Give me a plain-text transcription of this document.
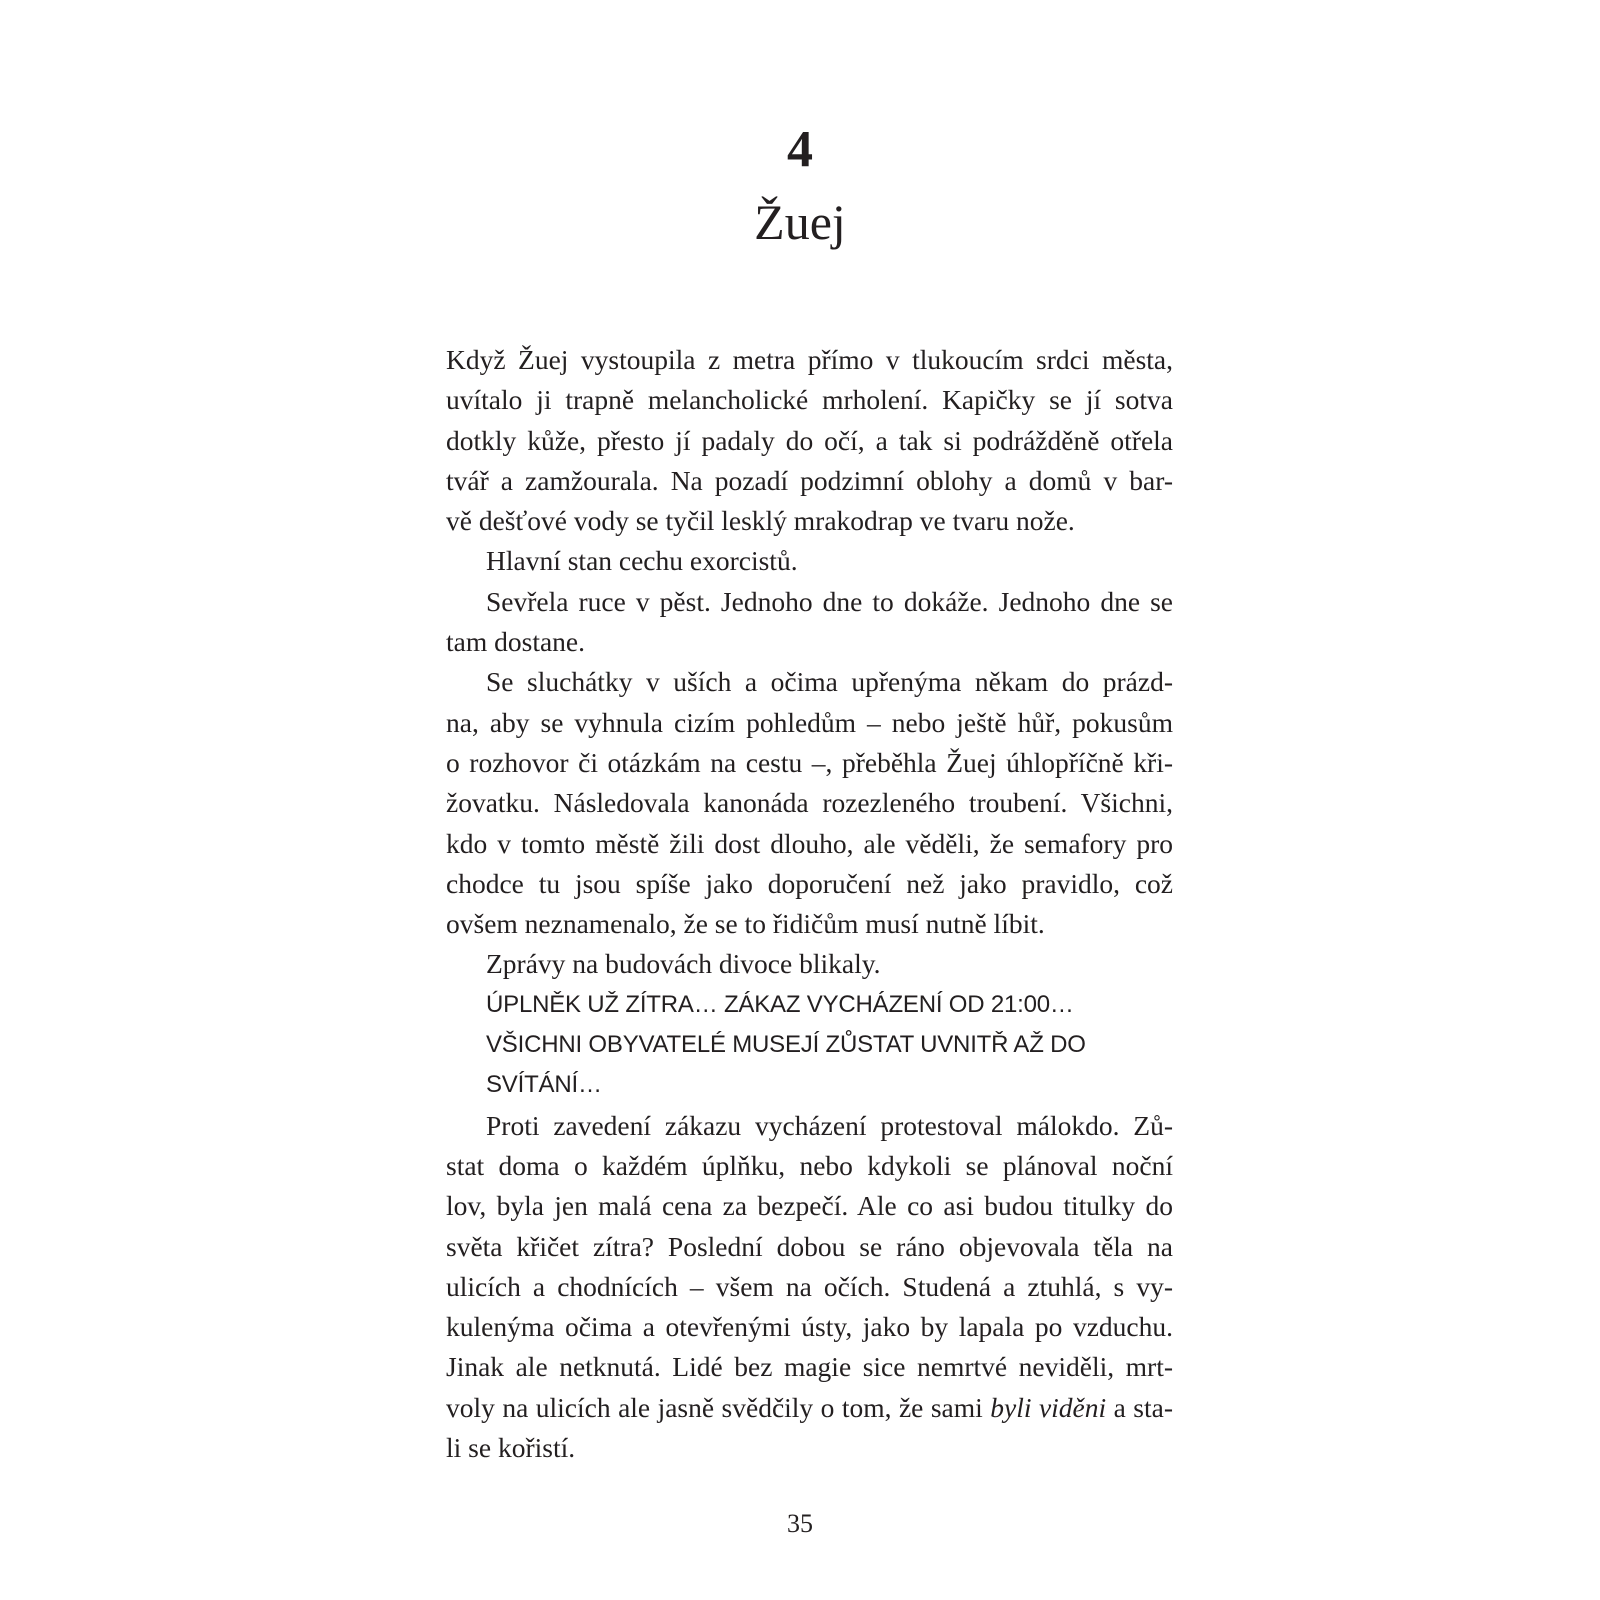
4
Žuej
Když Žuej vystoupila z metra přímo v tlukoucím srdci města,
uvítalo ji trapně melancholické mrholení. Kapičky se jí sotva
dotkly kůže, přesto jí padaly do očí, a tak si podrážděně otřela
tvář a zamžourala. Na pozadí podzimní oblohy a domů v bar-
vě dešťové vody se tyčil lesklý mrakodrap ve tvaru nože.
Hlavní stan cechu exorcistů.
Sevřela ruce v pěst. Jednoho dne to dokáže. Jednoho dne se
tam dostane.
Se sluchátky v uších a očima upřenýma někam do prázd-
na, aby se vyhnula cizím pohledům – nebo ještě hůř, pokusům
o rozhovor či otázkám na cestu –, přeběhla Žuej úhlopříčně kři-
žovatku. Následovala kanonáda rozezleného troubení. Všichni,
kdo v tomto městě žili dost dlouho, ale věděli, že semafory pro
chodce tu jsou spíše jako doporučení než jako pravidlo, což
ovšem neznamenalo, že se to řidičům musí nutně líbit.
Zprávy na budovách divoce blikaly.
ÚPLNĚK UŽ ZÍTRA… ZÁKAZ VYCHÁZENÍ OD 21:00…
VŠICHNI OBYVATELÉ MUSEJÍ ZŮSTAT UVNITŘ AŽ DO
SVÍTÁNÍ…
Proti zavedení zákazu vycházení protestoval málokdo. Zů-
stat doma o každém úplňku, nebo kdykoli se plánoval noční
lov, byla jen malá cena za bezpečí. Ale co asi budou titulky do
světa křičet zítra? Poslední dobou se ráno objevovala těla na
ulicích a chodnících – všem na očích. Studená a ztuhlá, s vy-
kulenýma očima a otevřenými ústy, jako by lapala po vzduchu.
Jinak ale netknutá. Lidé bez magie sice nemrtvé neviděli, mrt-
voly na ulicích ale jasně svědčily o tom, že sami byli viděni a sta-
li se kořistí.
35
